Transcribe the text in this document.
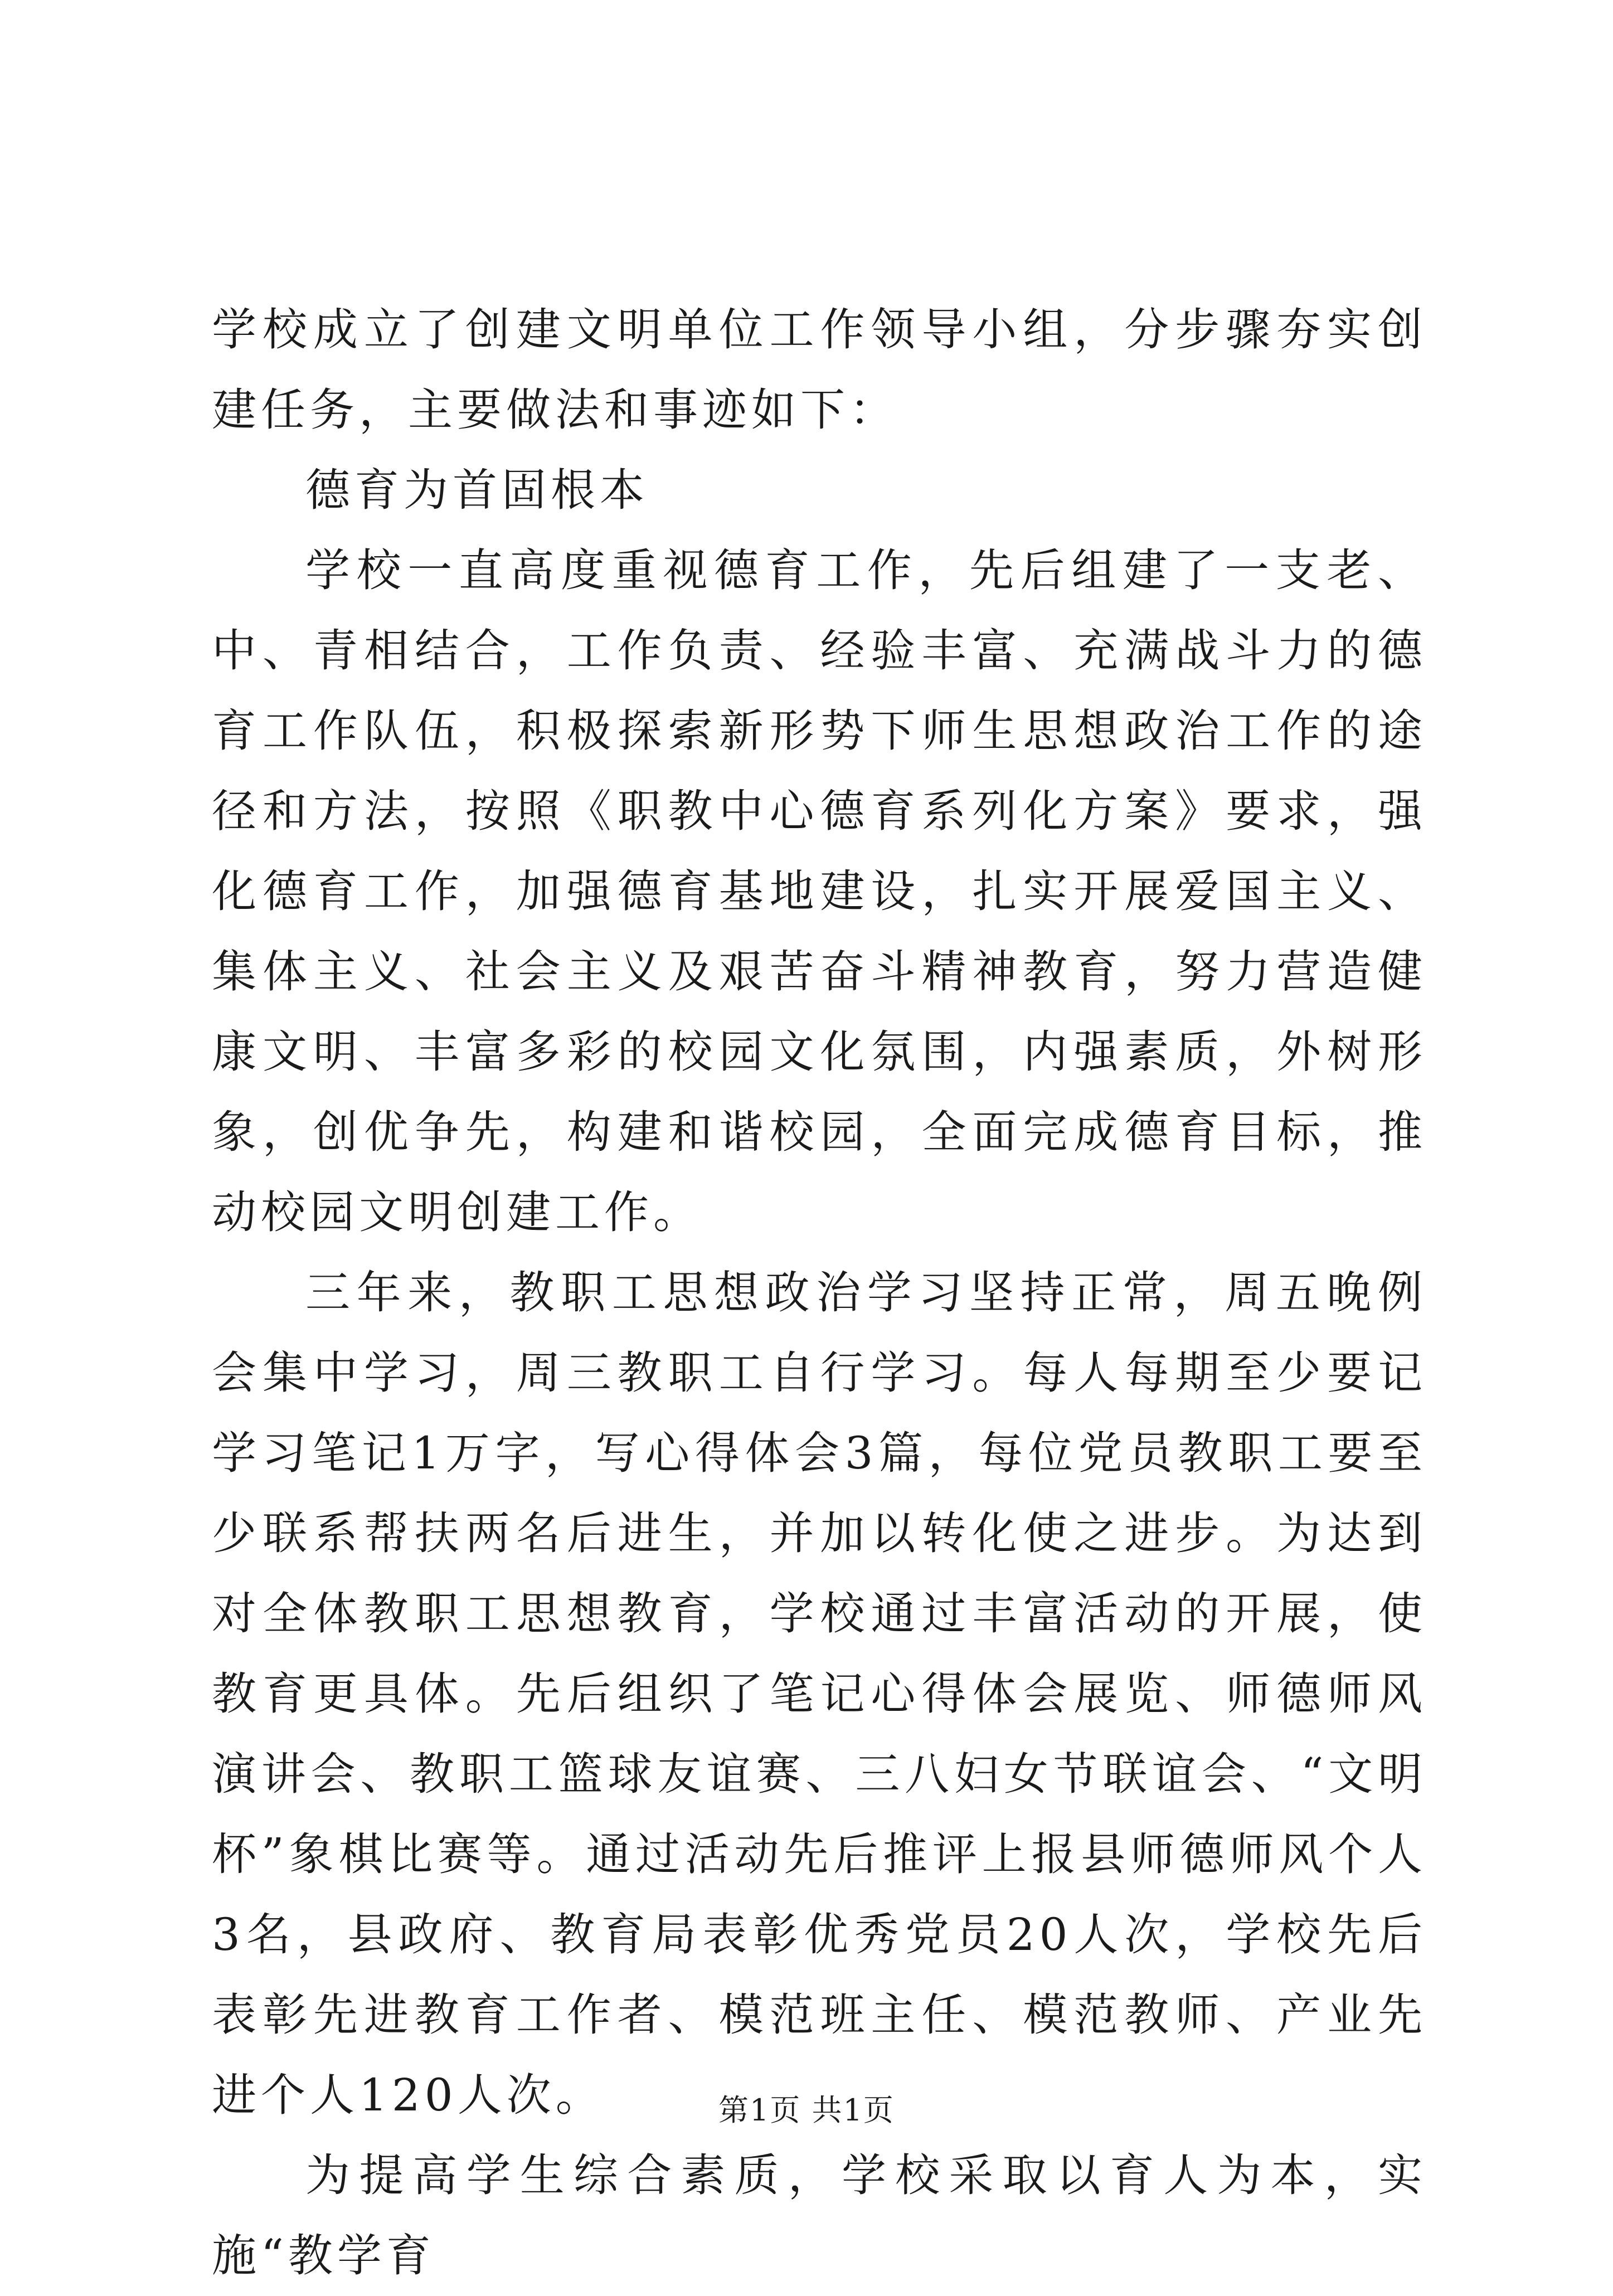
学校成立了创建文明单位工作领导小组，分步骤夯实创建任务，主要做法和事迹如下：

德育为首固根本

学校一直高度重视德育工作，先后组建了一支老、中、青相结合，工作负责、经验丰富、充满战斗力的德育工作队伍，积极探索新形势下师生思想政治工作的途径和方法，按照《职教中心德育系列化方案》要求，强化德育工作，加强德育基地建设，扎实开展爱国主义、集体主义、社会主义及艰苦奋斗精神教育，努力营造健康文明、丰富多彩的校园文化氛围，内强素质，外树形象，创优争先，构建和谐校园，全面完成德育目标，推动校园文明创建工作。

三年来，教职工思想政治学习坚持正常，周五晚例会集中学习，周三教职工自行学习。每人每期至少要记学习笔记1万字，写心得体会3篇，每位党员教职工要至少联系帮扶两名后进生，并加以转化使之进步。为达到对全体教职工思想教育，学校通过丰富活动的开展，使教育更具体。先后组织了笔记心得体会展览、师德师风演讲会、教职工篮球友谊赛、三八妇女节联谊会、“文明杯”象棋比赛等。通过活动先后推评上报县师德师风个人3名，县政府、教育局表彰优秀党员20人次，学校先后表彰先进教育工作者、模范班主任、模范教师、产业先进个人120人次。

为提高学生综合素质，学校采取以育人为本，实施“教学育

第1页 共1页
